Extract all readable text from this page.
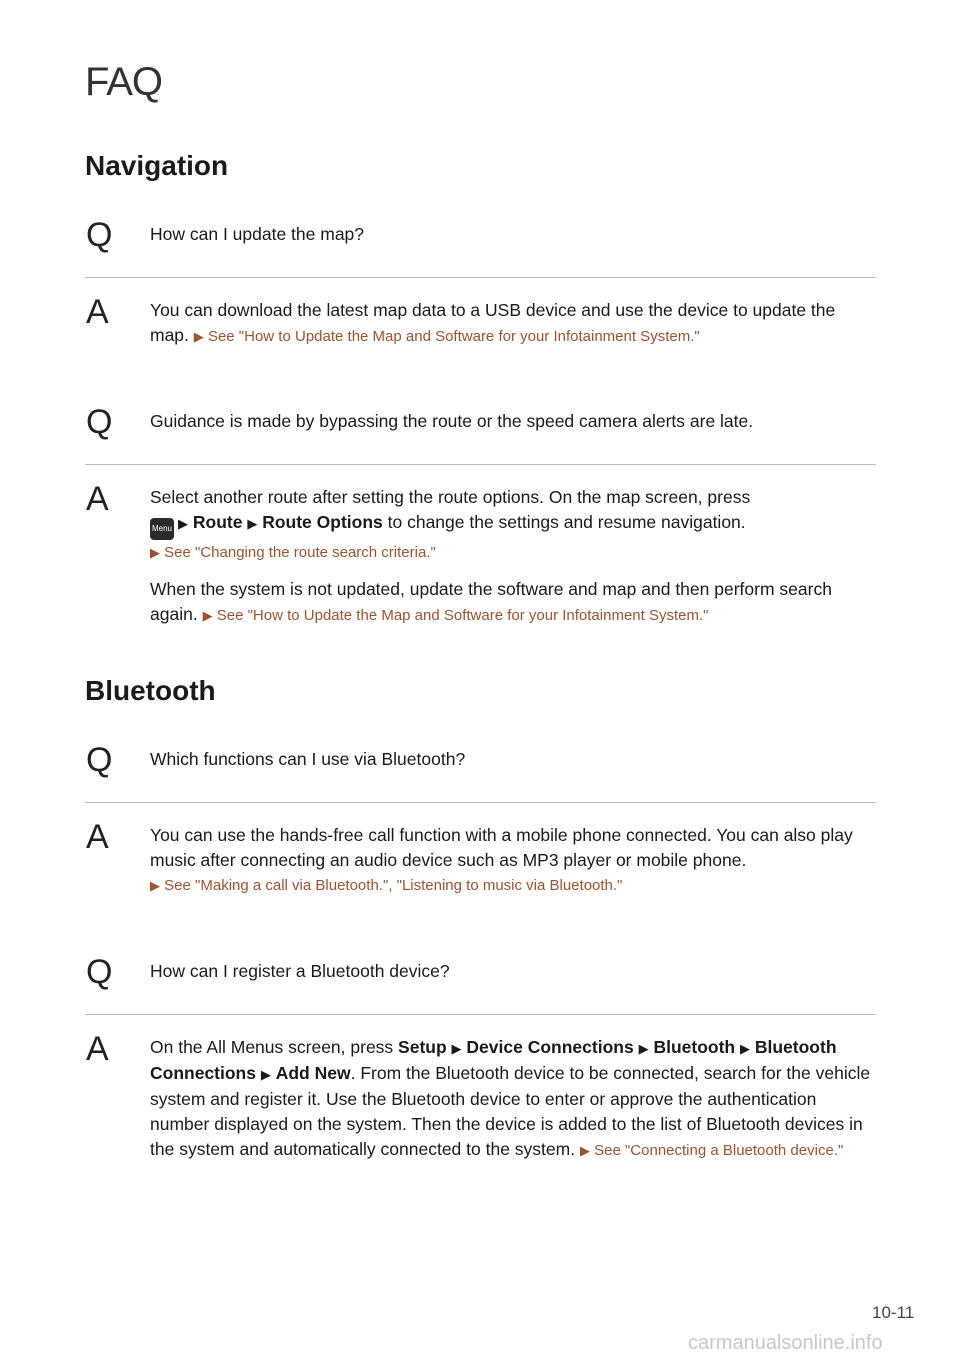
FAQ
Navigation
Q How can I update the map?
A You can download the latest map data to a USB device and use the device to update the map. ▶ See "How to Update the Map and Software for your Infotainment System."
Q Guidance is made by bypassing the route or the speed camera alerts are late.
A Select another route after setting the route options. On the map screen, press
Menu ▶ Route ▶ Route Options to change the settings and resume navigation.
▶ See "Changing the route search criteria."
When the system is not updated, update the software and map and then perform search again. ▶ See "How to Update the Map and Software for your Infotainment System."
Bluetooth
Q Which functions can I use via Bluetooth?
A You can use the hands-free call function with a mobile phone connected. You can also play music after connecting an audio device such as MP3 player or mobile phone.
▶ See "Making a call via Bluetooth.", "Listening to music via Bluetooth."
Q How can I register a Bluetooth device?
A On the All Menus screen, press Setup ▶ Device Connections ▶ Bluetooth ▶ Bluetooth Connections ▶ Add New. From the Bluetooth device to be connected, search for the vehicle system and register it. Use the Bluetooth device to enter or approve the authentication number displayed on the system. Then the device is added to the list of Bluetooth devices in the system and automatically connected to the system. ▶ See "Connecting a Bluetooth device."
10-11
carmanualsonline.info
